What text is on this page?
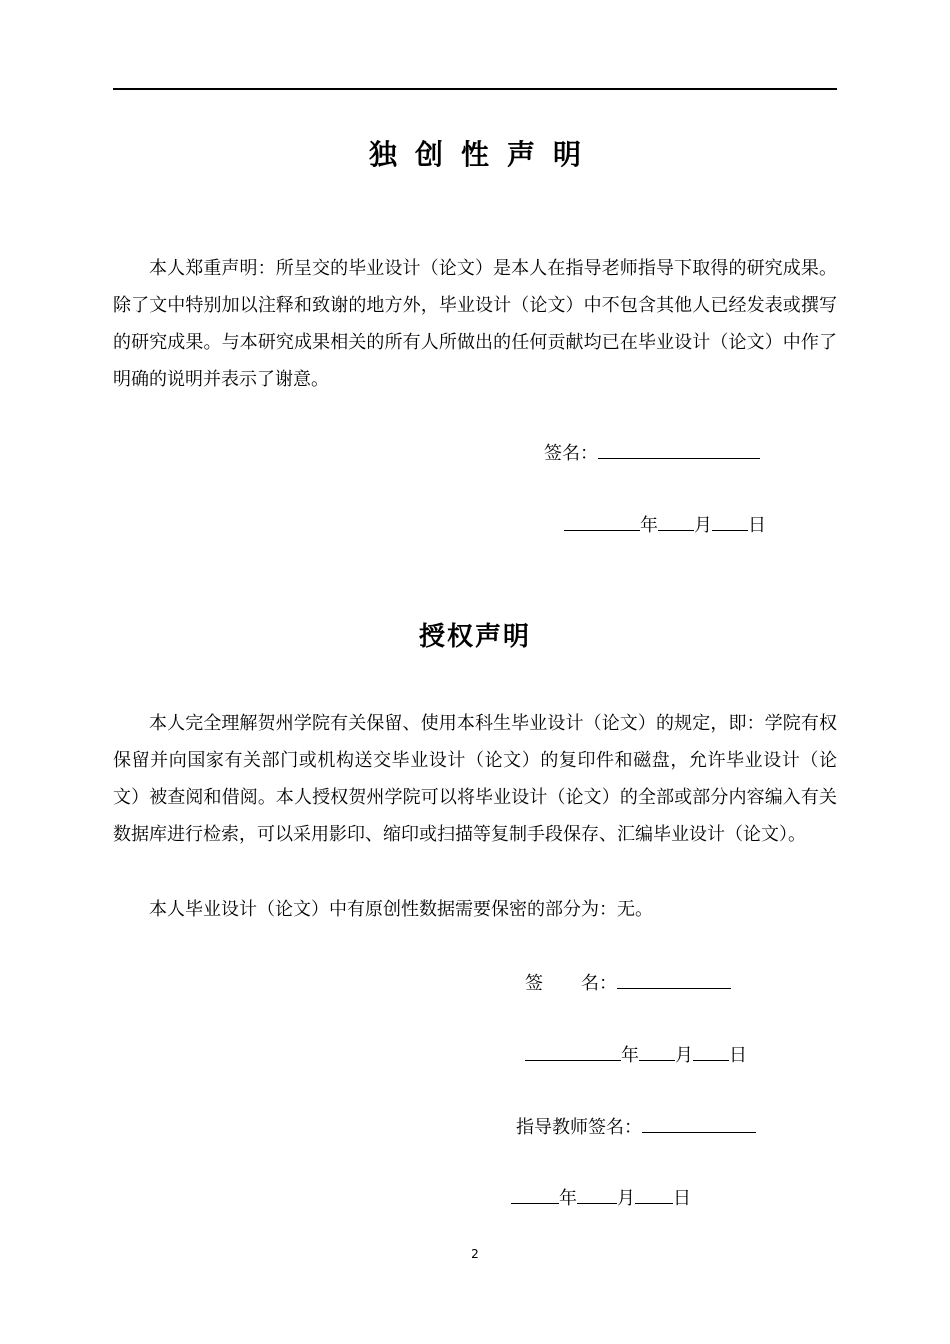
独创性声明

本人郑重声明：所呈交的毕业设计（论文）是本人在指导老师指导下取得的研究成果。除了文中特别加以注释和致谢的地方外，毕业设计（论文）中不包含其他人已经发表或撰写的研究成果。与本研究成果相关的所有人所做出的任何贡献均已在毕业设计（论文）中作了明确的说明并表示了谢意。

签名：
年 月 日
授权声明

本人完全理解贺州学院有关保留、使用本科生毕业设计（论文）的规定，即：学院有权保留并向国家有关部门或机构送交毕业设计（论文）的复印件和磁盘，允许毕业设计（论文）被查阅和借阅。本人授权贺州学院可以将毕业设计（论文）的全部或部分内容编入有关数据库进行检索，可以采用影印、缩印或扫描等复制手段保存、汇编毕业设计（论文）。

本人毕业设计（论文）中有原创性数据需要保密的部分为：无。

签 名：
年 月 日
指导教师签名：
年 月 日
2
